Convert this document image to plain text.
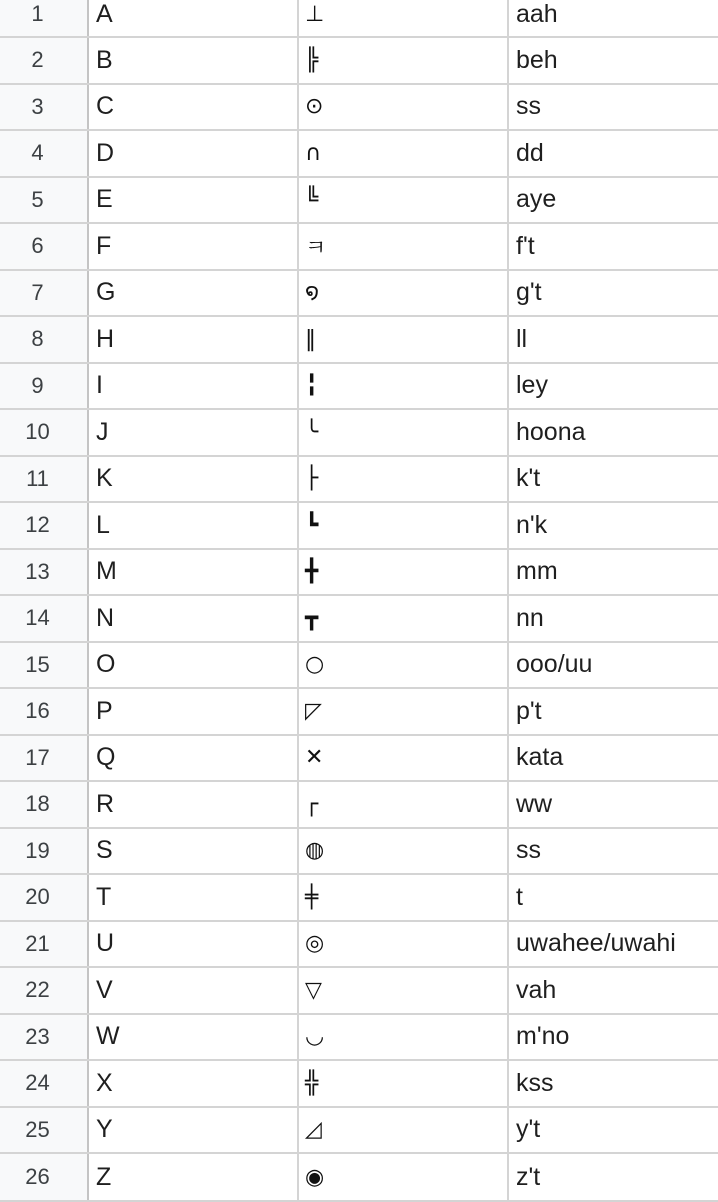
1	A	⊥	aah
2	B	╠	beh
3	C	⊙	ss
4	D	∩	dd
5	E	╚	aye
6	F	ㅋ	f't
7	G	໑	g't
8	H	‖	ll
9	I	╏	ley
10	J	╰	hoona
11	K	├	k't
12	L	┗	n'k
13	M	╋	mm
14	N	┳	nn
15	O	○	ooo/uu
16	P	◸	p't
17	Q	✕	kata
18	R	┌	ww
19	S	◍	ss
20	T	╪	t
21	U	◎	uwahee/uwahi
22	V	▽	vah
23	W	◡	m'no
24	X	╬	kss
25	Y	◿	y't
26	Z	◉	z't
